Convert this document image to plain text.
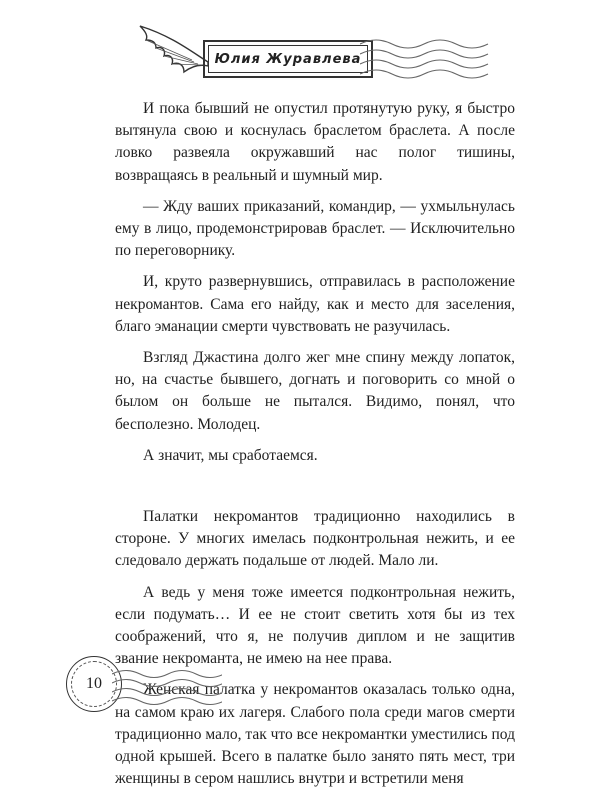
Юлия Журавлева

И пока бывший не опустил протянутую руку, я быстро вытянула свою и коснулась браслетом браслета. А после ловко развеяла окружавший нас полог тишины, возвращаясь в реальный и шумный мир.

— Жду ваших приказаний, командир, — ухмыльнулась ему в лицо, продемонстрировав браслет. — Исключительно по переговорнику.

И, круто развернувшись, отправилась в расположение некромантов. Сама его найду, как и место для заселения, благо эманации смерти чувствовать не разучилась.

Взгляд Джастина долго жег мне спину между лопаток, но, на счастье бывшего, догнать и поговорить со мной о былом он больше не пытался. Видимо, понял, что бесполезно. Молодец.

А значит, мы сработаемся.

Палатки некромантов традиционно находились в стороне. У многих имелась подконтрольная нежить, и ее следовало держать подальше от людей. Мало ли.

А ведь у меня тоже имеется подконтрольная нежить, если подумать… И ее не стоит светить хотя бы из тех соображений, что я, не получив диплом и не защитив звание некроманта, не имею на нее права.

Женская палатка у некромантов оказалась только одна, на самом краю их лагеря. Слабого пола среди магов смерти традиционно мало, так что все некромантки уместились под одной крышей. Всего в палатке было занято пять мест, три женщины в сером нашлись внутри и встретили меня

10
